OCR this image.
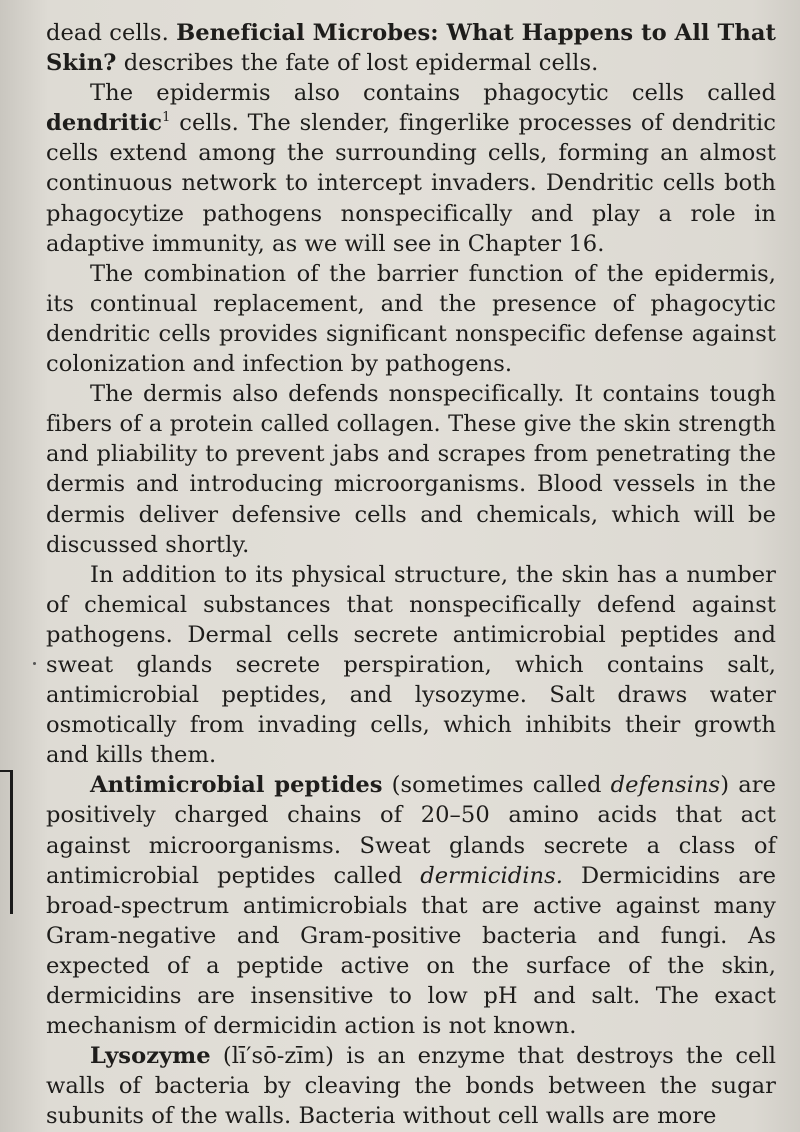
dead cells. Beneficial Microbes: What Happens to All That Skin? describes the fate of lost epidermal cells.

The epidermis also contains phagocytic cells called dendritic$^1$ cells. The slender, fingerlike processes of dendritic cells extend among the surrounding cells, forming an almost continuous network to intercept invaders. Dendritic cells both phagocytize pathogens nonspecifically and play a role in adaptive immunity, as we will see in Chapter 16.

The combination of the barrier function of the epidermis, its continual replacement, and the presence of phagocytic dendritic cells provides significant nonspecific defense against colonization and infection by pathogens.

The dermis also defends nonspecifically. It contains tough fibers of a protein called collagen. These give the skin strength and pliability to prevent jabs and scrapes from penetrating the dermis and introducing microorganisms. Blood vessels in the dermis deliver defensive cells and chemicals, which will be discussed shortly.

In addition to its physical structure, the skin has a number of chemical substances that nonspecifically defend against pathogens. Dermal cells secrete antimicrobial peptides and sweat glands secrete perspiration, which contains salt, antimicrobial peptides, and lysozyme. Salt draws water osmotically from invading cells, which inhibits their growth and kills them.

Antimicrobial peptides (sometimes called defensins) are positively charged chains of 20–50 amino acids that act against microorganisms. Sweat glands secrete a class of antimicrobial peptides called dermicidins. Dermicidins are broad-spectrum antimicrobials that are active against many Gram-negative and Gram-positive bacteria and fungi. As expected of a peptide active on the surface of the skin, dermicidins are insensitive to low pH and salt. The exact mechanism of dermicidin action is not known.

Lysozyme (lī′sō-zīm) is an enzyme that destroys the cell walls of bacteria by cleaving the bonds between the sugar subunits of the walls. Bacteria without cell walls are more
